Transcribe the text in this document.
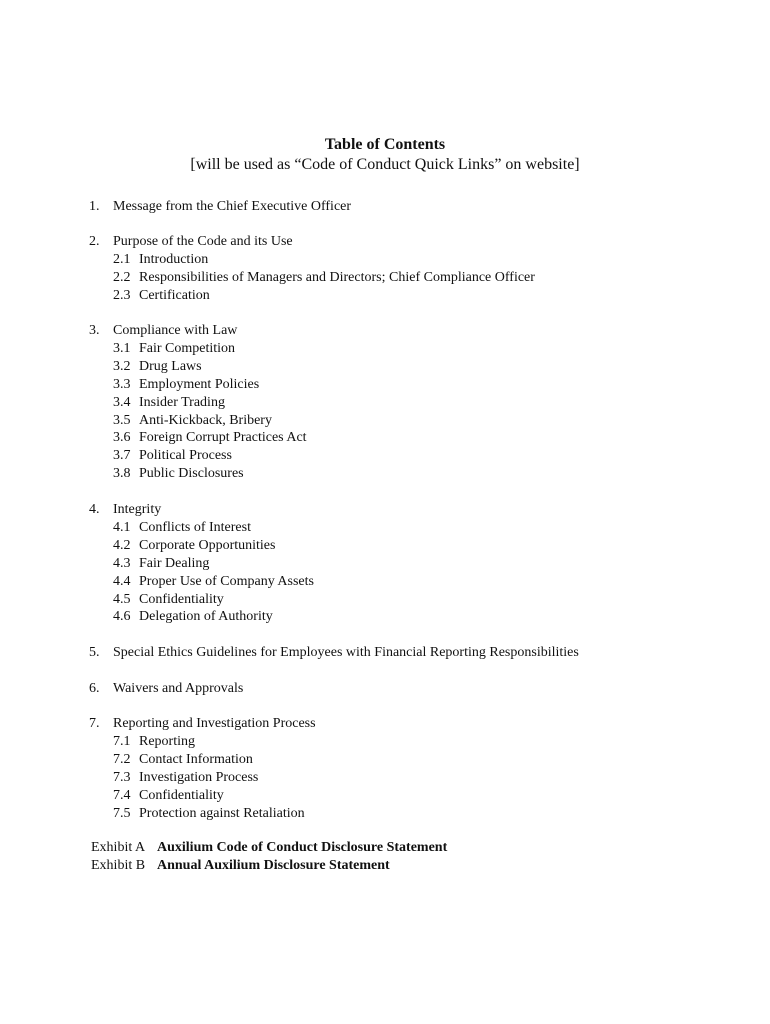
Table of Contents
[will be used as “Code of Conduct Quick Links” on website]
1. Message from the Chief Executive Officer
2. Purpose of the Code and its Use
2.1 Introduction
2.2 Responsibilities of Managers and Directors; Chief Compliance Officer
2.3 Certification
3. Compliance with Law
3.1 Fair Competition
3.2 Drug Laws
3.3 Employment Policies
3.4 Insider Trading
3.5 Anti-Kickback, Bribery
3.6 Foreign Corrupt Practices Act
3.7 Political Process
3.8 Public Disclosures
4. Integrity
4.1 Conflicts of Interest
4.2 Corporate Opportunities
4.3 Fair Dealing
4.4 Proper Use of Company Assets
4.5 Confidentiality
4.6 Delegation of Authority
5. Special Ethics Guidelines for Employees with Financial Reporting Responsibilities
6. Waivers and Approvals
7. Reporting and Investigation Process
7.1 Reporting
7.2 Contact Information
7.3 Investigation Process
7.4 Confidentiality
7.5 Protection against Retaliation
Exhibit A Auxilium Code of Conduct Disclosure Statement
Exhibit B Annual Auxilium Disclosure Statement
